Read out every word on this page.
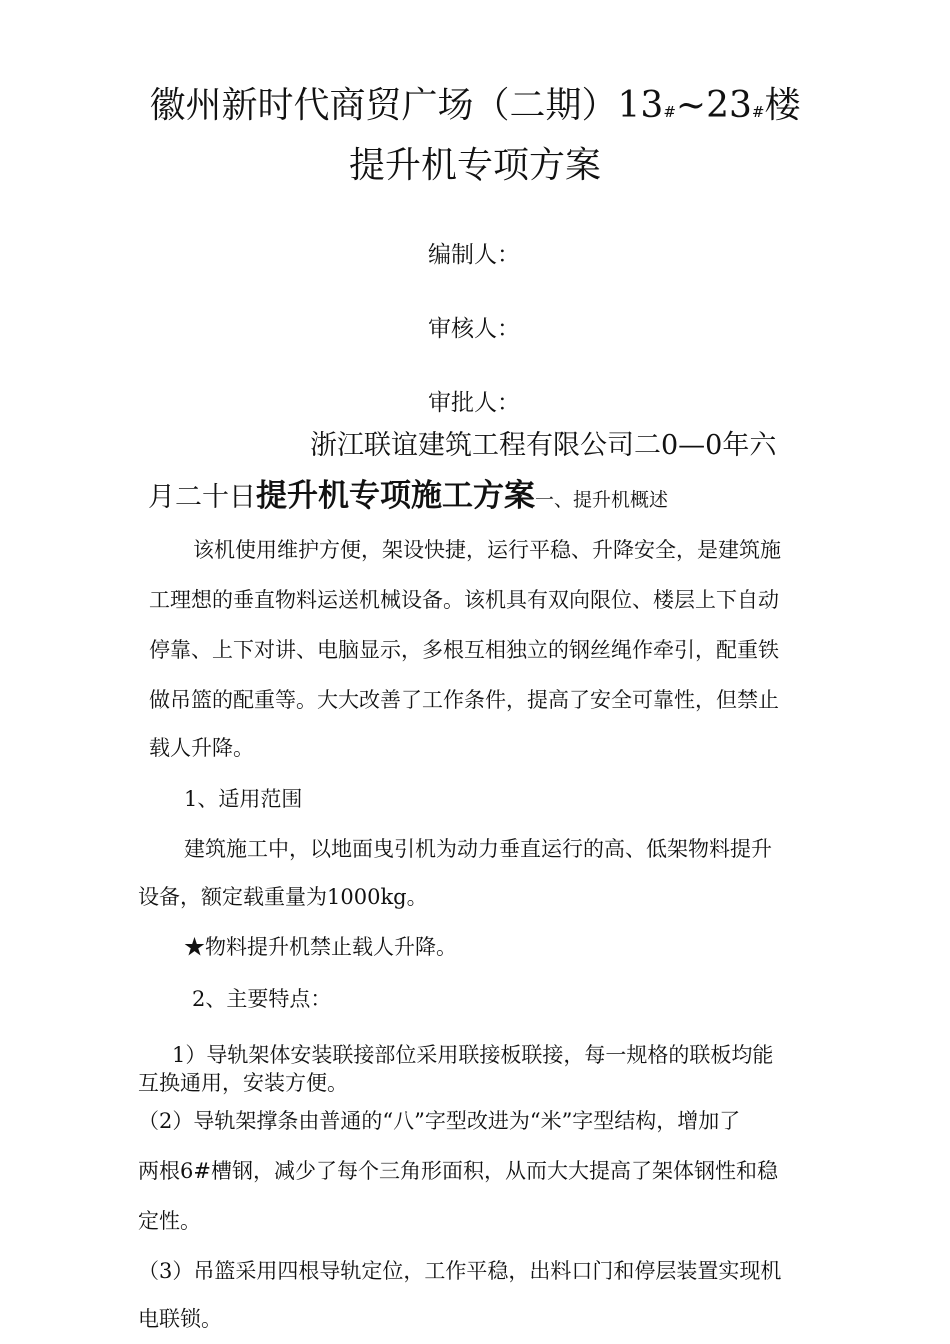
徽州新时代商贸广场（二期）13#~23#楼
提升机专项方案
编制人：
审核人：
审批人：
浙江联谊建筑工程有限公司二0—0年六
月二十日提升机专项施工方案一、提升机概述
该机使用维护方便，架设快捷，运行平稳、升降安全，是建筑施
工理想的垂直物料运送机械设备。该机具有双向限位、楼层上下自动
停靠、上下对讲、电脑显示，多根互相独立的钢丝绳作牵引，配重铁
做吊篮的配重等。大大改善了工作条件，提高了安全可靠性，但禁止
载人升降。
1、适用范围
建筑施工中，以地面曳引机为动力垂直运行的高、低架物料提升
设备，额定载重量为1000kg。
★物料提升机禁止载人升降。
2、主要特点：
1）导轨架体安装联接部位采用联接板联接，每一规格的联板均能
互换通用，安装方便。
（2）导轨架撑条由普通的“八”字型改进为“米”字型结构，增加了
两根6#槽钢，减少了每个三角形面积，从而大大提高了架体钢性和稳
定性。
（3）吊篮采用四根导轨定位，工作平稳，出料口门和停层装置实现机
电联锁。
